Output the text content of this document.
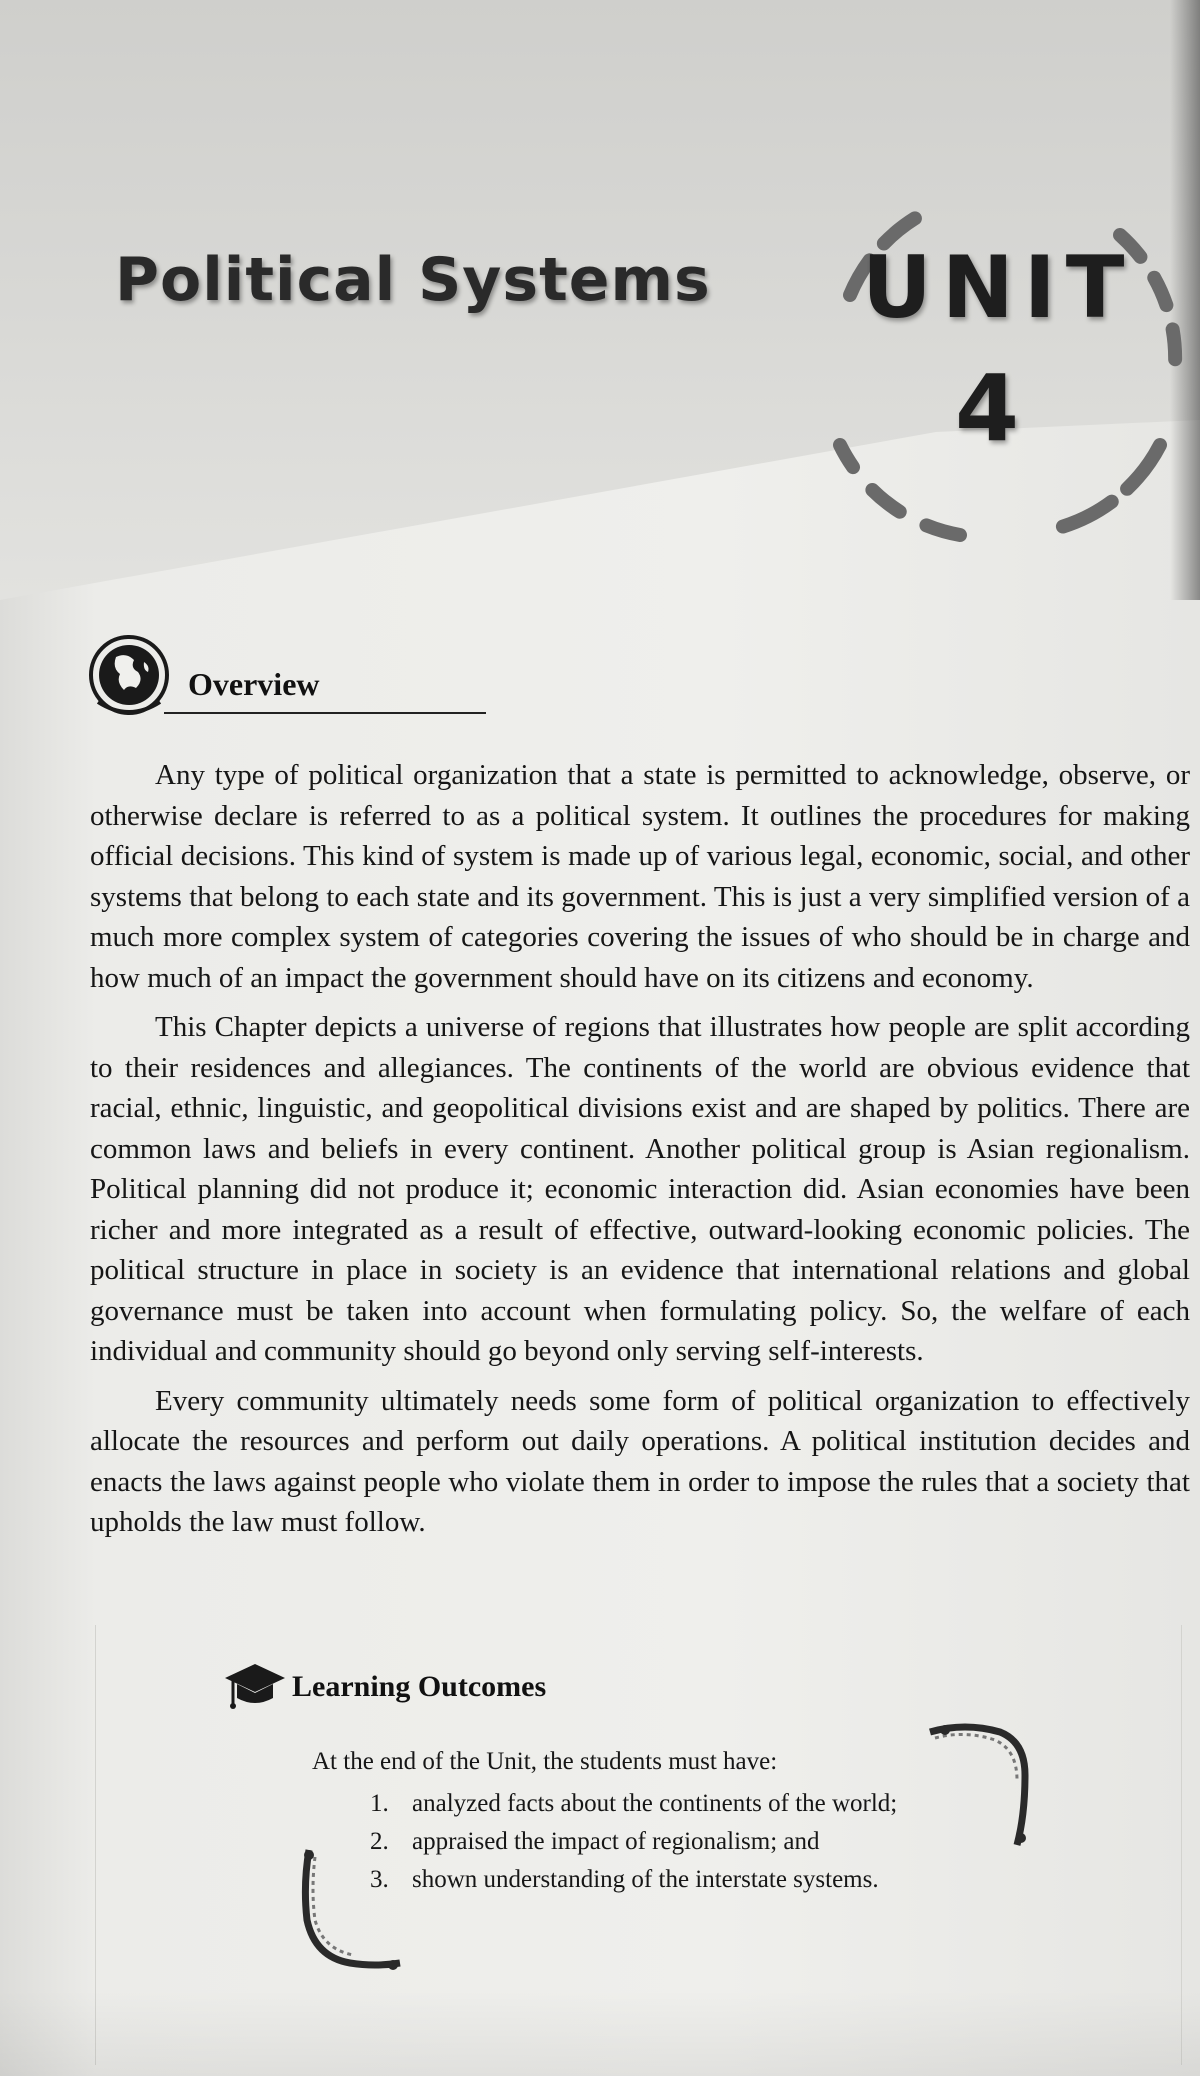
Political Systems UNIT
4
Overview

Any type of political organization that a state is permitted to acknowledge, observe, or otherwise declare is referred to as a political system. It outlines the procedures for making official decisions. This kind of system is made up of various legal, economic, social, and other systems that belong to each state and its government. This is just a very simplified version of a much more complex system of categories covering the issues of who should be in charge and how much of an impact the government should have on its citizens and economy.

This Chapter depicts a universe of regions that illustrates how people are split according to their residences and allegiances. The continents of the world are obvious evidence that racial, ethnic, linguistic, and geopolitical divisions exist and are shaped by politics. There are common laws and beliefs in every continent. Another political group is Asian regionalism. Political planning did not produce it; economic interaction did. Asian economies have been richer and more integrated as a result of effective, outward-looking economic policies. The political structure in place in society is an evidence that international relations and global governance must be taken into account when formulating policy. So, the welfare of each individual and community should go beyond only serving self-interests.

Every community ultimately needs some form of political organization to effectively allocate the resources and perform out daily operations. A political institution decides and enacts the laws against people who violate them in order to impose the rules that a society that upholds the law must follow.

Learning Outcomes
At the end of the Unit, the students must have:
1. analyzed facts about the continents of the world;
2. appraised the impact of regionalism; and
3. shown understanding of the interstate systems.
